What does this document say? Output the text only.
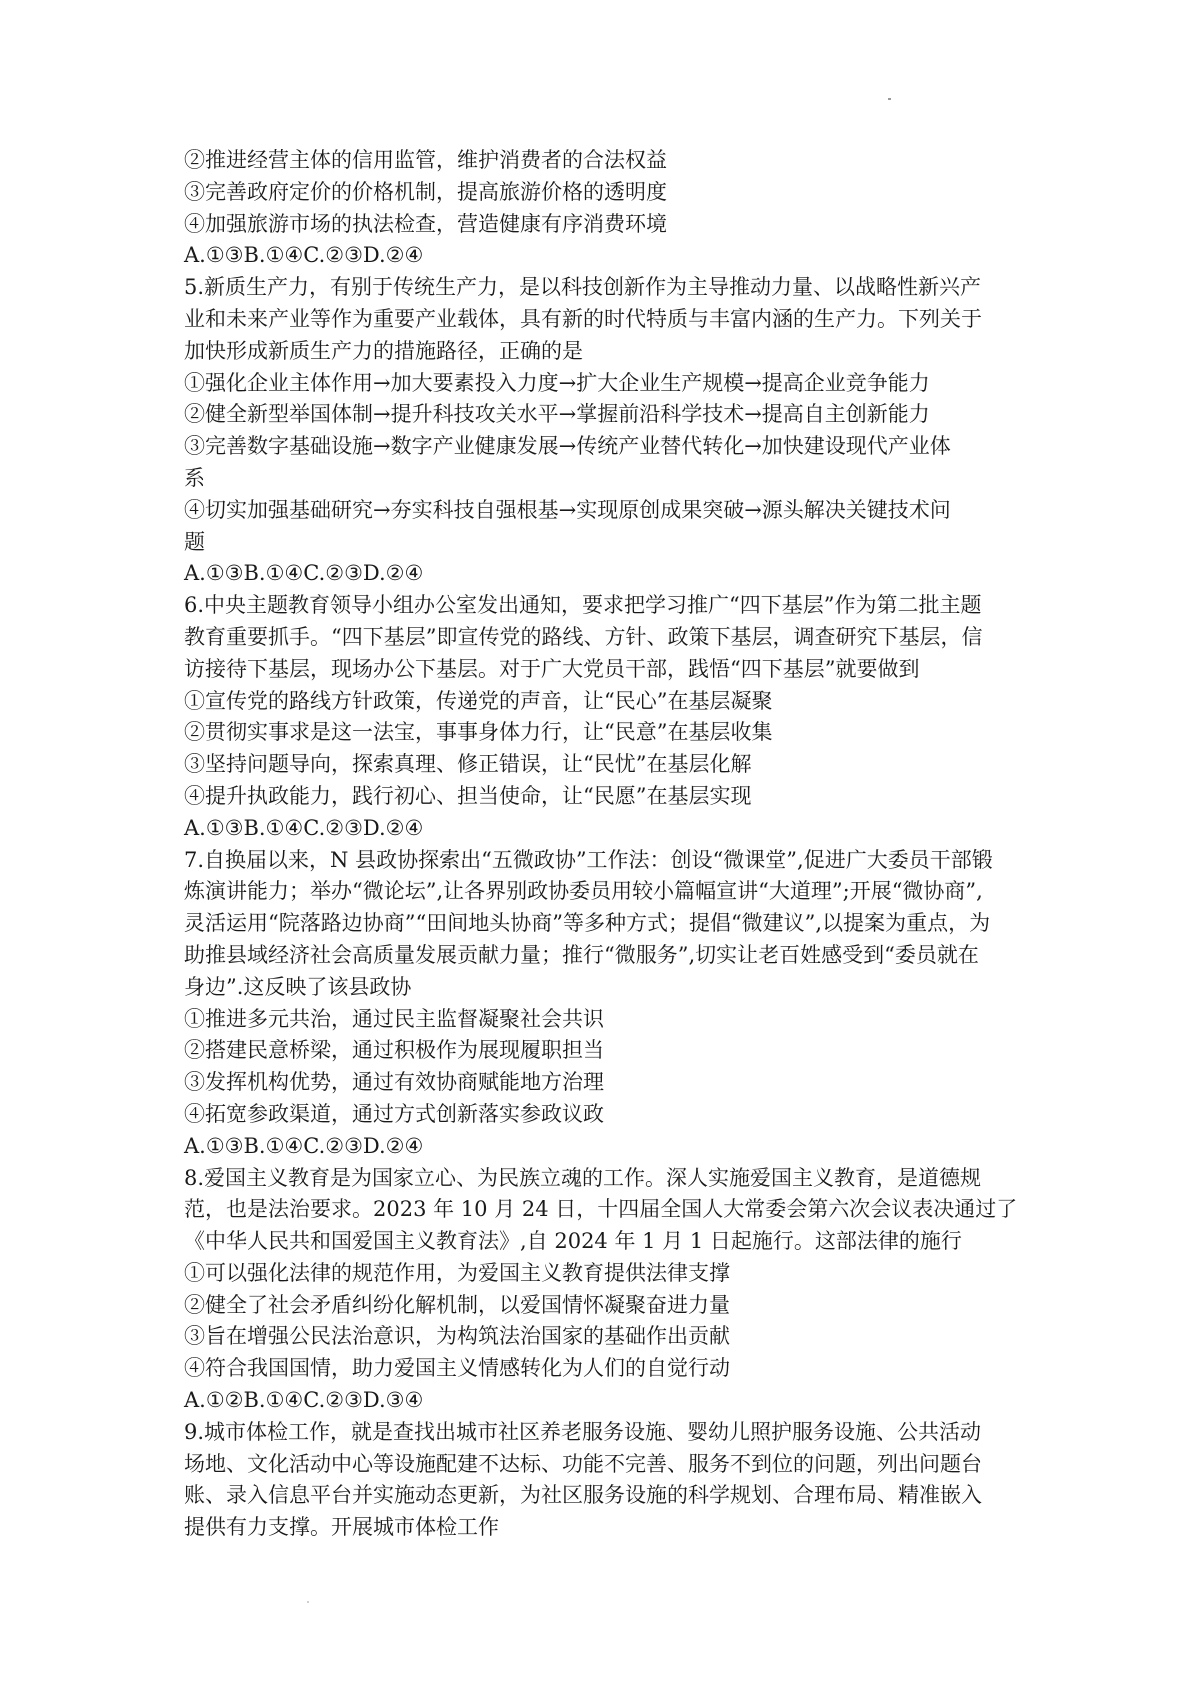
②推进经营主体的信用监管，维护消费者的合法权益
③完善政府定价的价格机制，提高旅游价格的透明度
④加强旅游市场的执法检查，营造健康有序消费环境
A.①③B.①④C.②③D.②④
5.新质生产力，有别于传统生产力，是以科技创新作为主导推动力量、以战略性新兴产
业和未来产业等作为重要产业载体，具有新的时代特质与丰富内涵的生产力。下列关于
加快形成新质生产力的措施路径，正确的是
①强化企业主体作用→加大要素投入力度→扩大企业生产规模→提高企业竞争能力
②健全新型举国体制→提升科技攻关水平→掌握前沿科学技术→提高自主创新能力
③完善数字基础设施→数字产业健康发展→传统产业替代转化→加快建设现代产业体
系
④切实加强基础研究→夯实科技自强根基→实现原创成果突破→源头解决关键技术问
题
A.①③B.①④C.②③D.②④
6.中央主题教育领导小组办公室发出通知，要求把学习推广“四下基层”作为第二批主题
教育重要抓手。“四下基层”即宣传党的路线、方针、政策下基层，调查研究下基层，信
访接待下基层，现场办公下基层。对于广大党员干部，践悟“四下基层”就要做到
①宣传党的路线方针政策，传递党的声音，让“民心”在基层凝聚
②贯彻实事求是这一法宝，事事身体力行，让“民意”在基层收集
③坚持问题导向，探索真理、修正错误，让“民忧”在基层化解
④提升执政能力，践行初心、担当使命，让“民愿”在基层实现
A.①③B.①④C.②③D.②④
7.自换届以来，N 县政协探索出“五微政协”工作法：创设“微课堂”,促进广大委员干部锻
炼演讲能力；举办“微论坛”,让各界别政协委员用较小篇幅宣讲“大道理”;开展“微协商”,
灵活运用“院落路边协商”“田间地头协商”等多种方式；提倡“微建议”,以提案为重点，为
助推县域经济社会高质量发展贡献力量；推行“微服务”,切实让老百姓感受到“委员就在
身边”.这反映了该县政协
①推进多元共治，通过民主监督凝聚社会共识
②搭建民意桥梁，通过积极作为展现履职担当
③发挥机构优势，通过有效协商赋能地方治理
④拓宽参政渠道，通过方式创新落实参政议政
A.①③B.①④C.②③D.②④
8.爱国主义教育是为国家立心、为民族立魂的工作。深人实施爱国主义教育，是道德规
范，也是法治要求。2023 年 10 月 24 日，十四届全国人大常委会第六次会议表决通过了
《中华人民共和国爱国主义教育法》,自 2024 年 1 月 1 日起施行。这部法律的施行
①可以强化法律的规范作用，为爱国主义教育提供法律支撑
②健全了社会矛盾纠纷化解机制，以爱国情怀凝聚奋进力量
③旨在增强公民法治意识，为构筑法治国家的基础作出贡献
④符合我国国情，助力爱国主义情感转化为人们的自觉行动
A.①②B.①④C.②③D.③④
9.城市体检工作，就是查找出城市社区养老服务设施、婴幼儿照护服务设施、公共活动
场地、文化活动中心等设施配建不达标、功能不完善、服务不到位的问题，列出问题台
账、录入信息平台并实施动态更新，为社区服务设施的科学规划、合理布局、精准嵌入
提供有力支撑。开展城市体检工作
